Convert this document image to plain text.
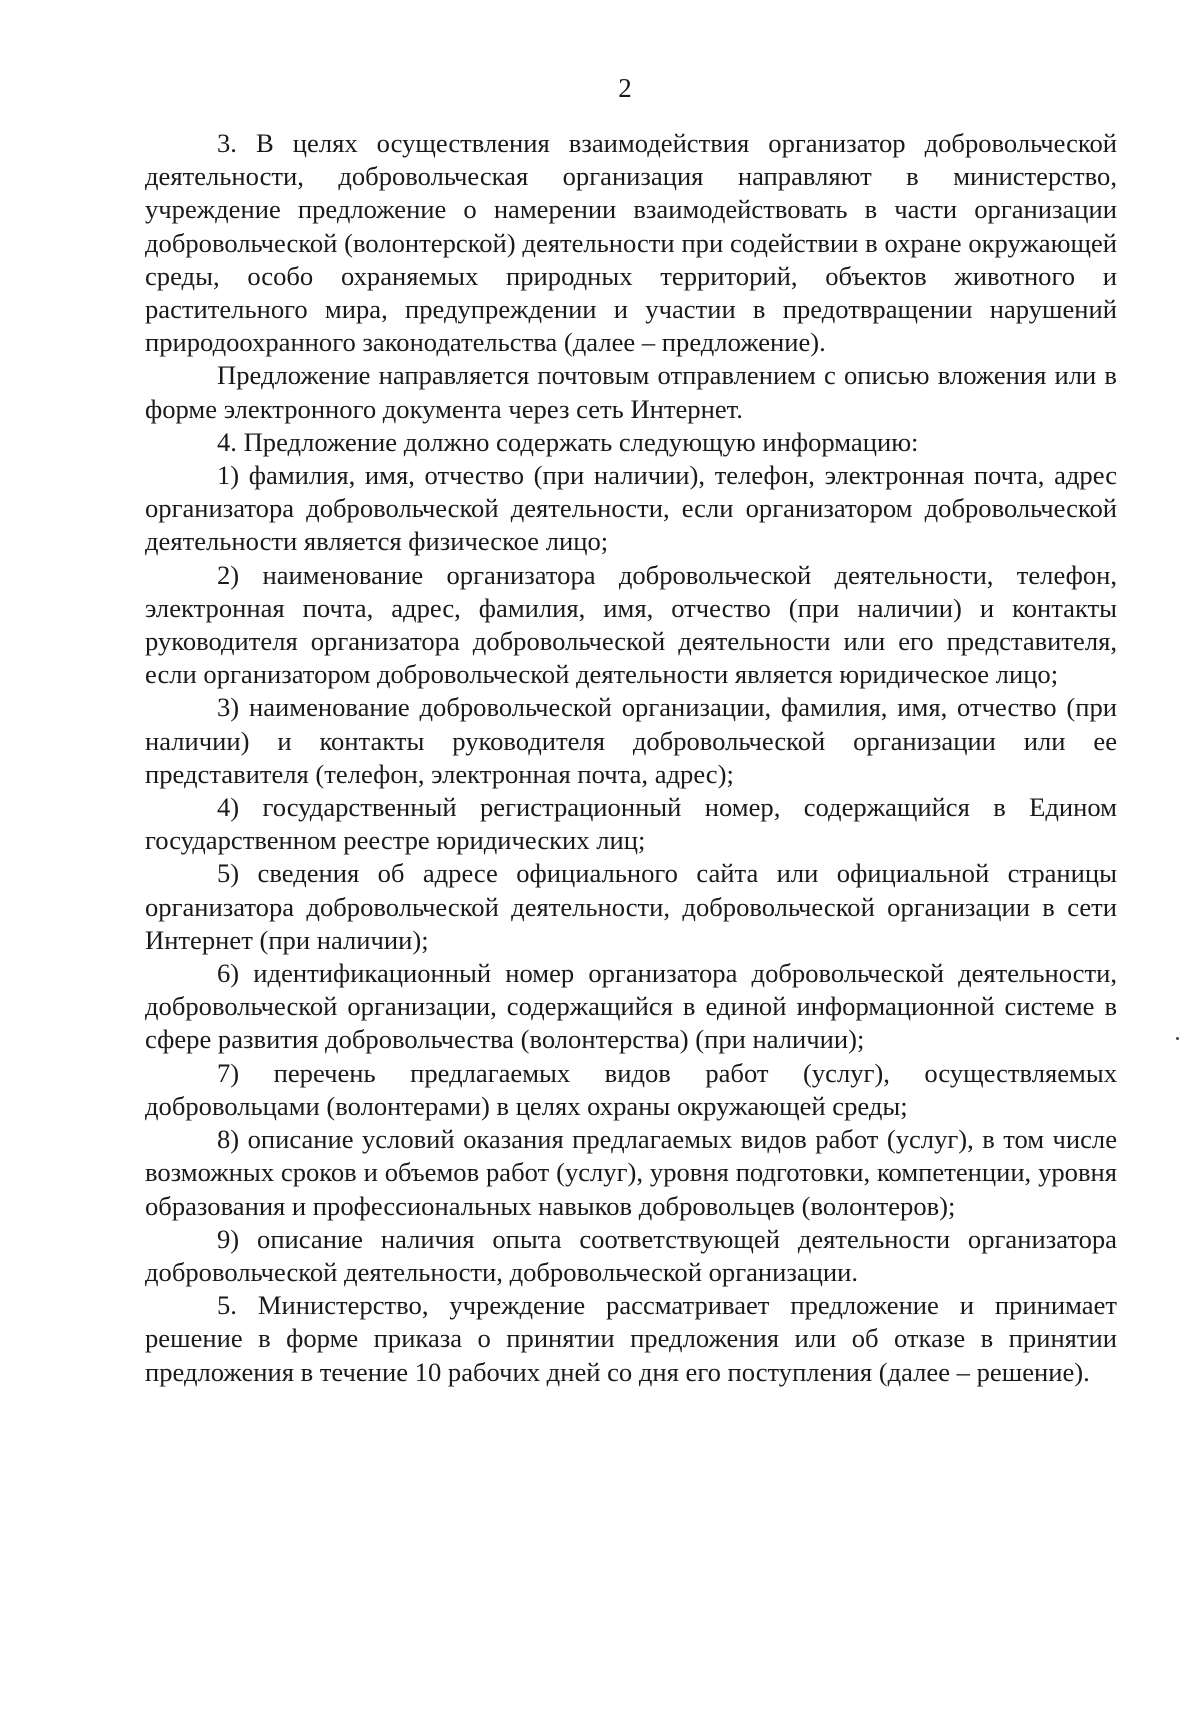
2

3. В целях осуществления взаимодействия организатор добровольческой деятельности, добровольческая организация направляют в министерство, учреждение предложение о намерении взаимодействовать в части организации добровольческой (волонтерской) деятельности при содействии в охране окружающей среды, особо охраняемых природных территорий, объектов животного и растительного мира, предупреждении и участии в предотвращении нарушений природоохранного законодательства (далее – предложение).

Предложение направляется почтовым отправлением с описью вложения или в форме электронного документа через сеть Интернет.

4. Предложение должно содержать следующую информацию:

1) фамилия, имя, отчество (при наличии), телефон, электронная почта, адрес организатора добровольческой деятельности, если организатором добровольческой деятельности является физическое лицо;

2) наименование организатора добровольческой деятельности, телефон, электронная почта, адрес, фамилия, имя, отчество (при наличии) и контакты руководителя организатора добровольческой деятельности или его представителя, если организатором добровольческой деятельности является юридическое лицо;

3) наименование добровольческой организации, фамилия, имя, отчество (при наличии) и контакты руководителя добровольческой организации или ее представителя (телефон, электронная почта, адрес);

4) государственный регистрационный номер, содержащийся в Едином государственном реестре юридических лиц;

5) сведения об адресе официального сайта или официальной страницы организатора добровольческой деятельности, добровольческой организации в сети Интернет (при наличии);

6) идентификационный номер организатора добровольческой деятельности, добровольческой организации, содержащийся в единой информационной системе в сфере развития добровольчества (волонтерства) (при наличии);

7) перечень предлагаемых видов работ (услуг), осуществляемых добровольцами (волонтерами) в целях охраны окружающей среды;

8) описание условий оказания предлагаемых видов работ (услуг), в том числе возможных сроков и объемов работ (услуг), уровня подготовки, компетенции, уровня образования и профессиональных навыков добровольцев (волонтеров);

9) описание наличия опыта соответствующей деятельности организатора добровольческой деятельности, добровольческой организации.

5. Министерство, учреждение рассматривает предложение и принимает решение в форме приказа о принятии предложения или об отказе в принятии предложения в течение 10 рабочих дней со дня его поступления (далее – решение).
